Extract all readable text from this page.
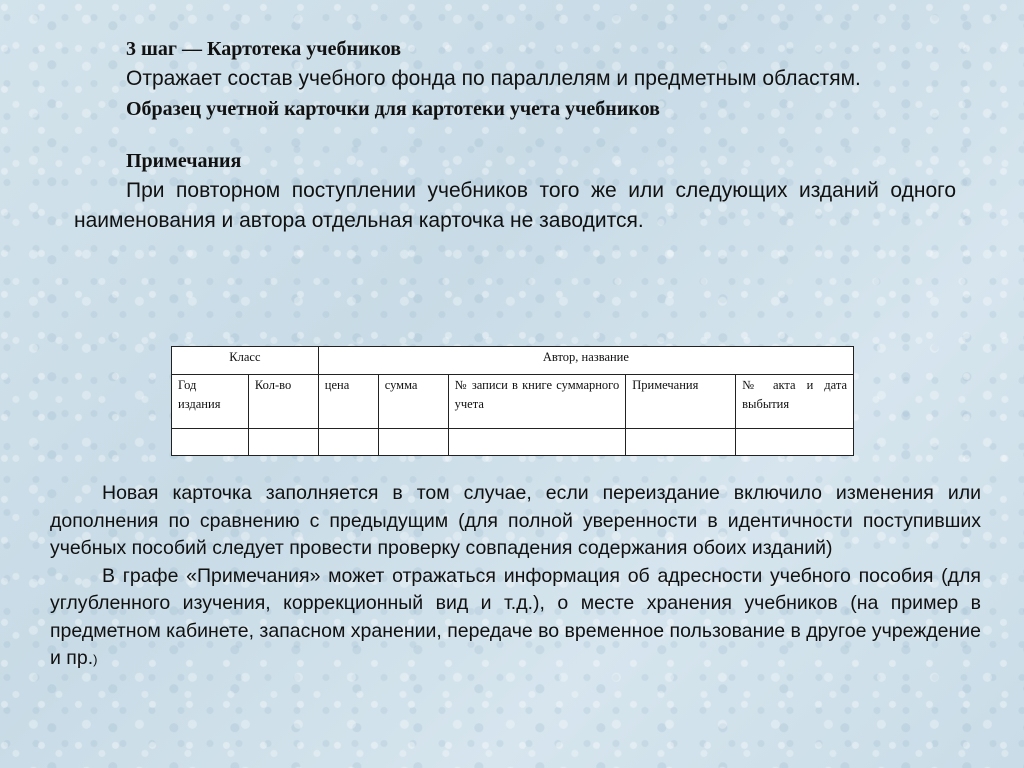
3 шаг — Картотека учебников

Отражает состав учебного фонда по параллелям и предметным областям.

Образец учетной карточки для картотеки учета учебников

Примечания

При повторном поступлении учебников того же или следующих изданий одного наименования и автора отдельная карточка не заводится.

Класс		Автор, название				
Год издания	Кол-во	цена	сумма	№ записи в книге суммарного учета	Примечания	№ акта и дата выбытия

Новая карточка заполняется в том случае, если переиздание включило изменения или дополнения по сравнению с предыдущим (для полной уверенности в идентичности поступивших учебных пособий следует провести проверку совпадения содержания обоих изданий)

В графе «Примечания» может отражаться информация об адресности учебного пособия (для углубленного изучения, коррекционный вид и т.д.), о месте хранения учебников (на пример в предметном кабинете, запасном хранении, передаче во временное пользование в другое учреждение и пр.)
